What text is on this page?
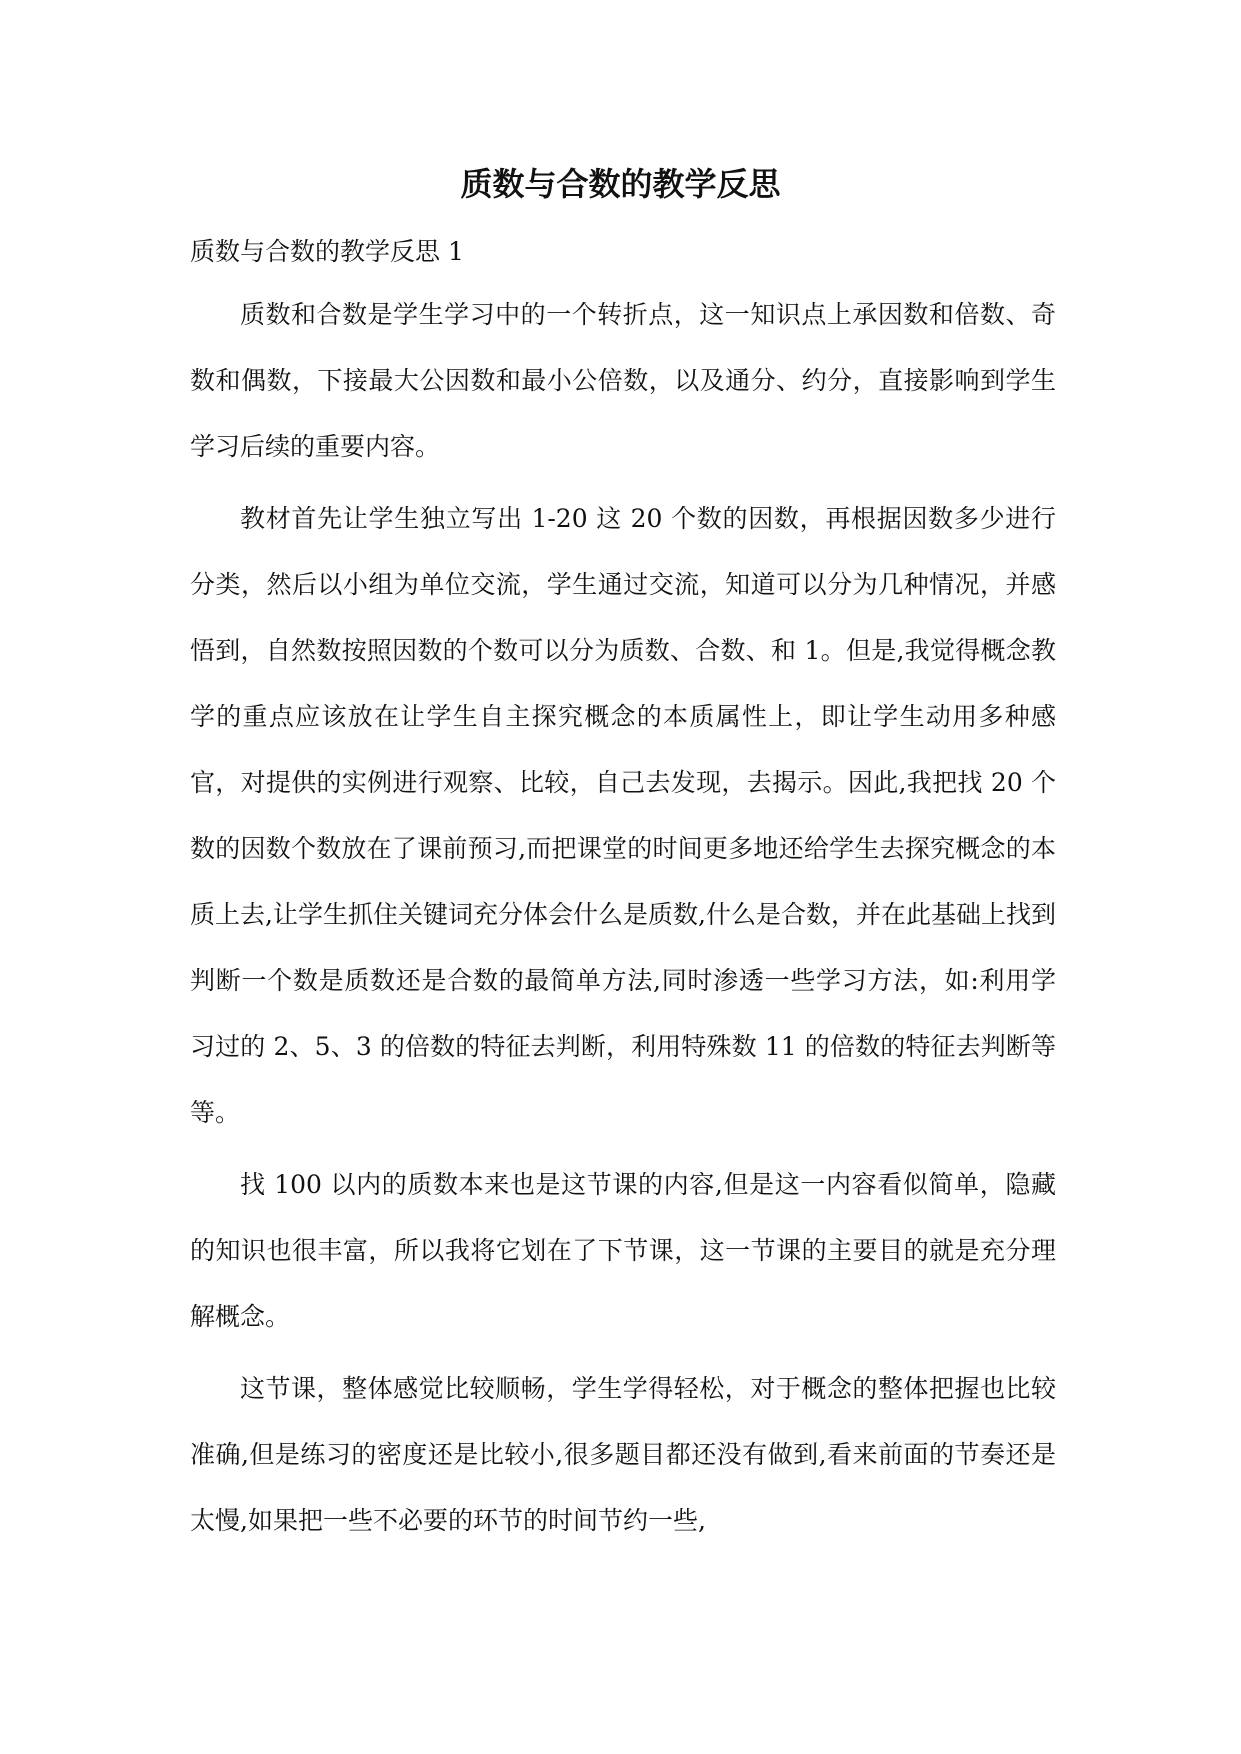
质数与合数的教学反思

质数与合数的教学反思 1

质数和合数是学生学习中的一个转折点，这一知识点上承因数和倍数、奇数和偶数，下接最大公因数和最小公倍数，以及通分、约分，直接影响到学生学习后续的重要内容。

教材首先让学生独立写出 1-20 这 20 个数的因数，再根据因数多少进行分类，然后以小组为单位交流，学生通过交流，知道可以分为几种情况，并感悟到，自然数按照因数的个数可以分为质数、合数、和 1。但是,我觉得概念教学的重点应该放在让学生自主探究概念的本质属性上，即让学生动用多种感官，对提供的实例进行观察、比较，自己去发现，去揭示。因此,我把找 20 个数的因数个数放在了课前预习,而把课堂的时间更多地还给学生去探究概念的本质上去,让学生抓住关键词充分体会什么是质数,什么是合数，并在此基础上找到判断一个数是质数还是合数的最简单方法,同时渗透一些学习方法，如:利用学习过的 2、5、3 的倍数的特征去判断，利用特殊数 11 的倍数的特征去判断等等。

找 100 以内的质数本来也是这节课的内容,但是这一内容看似简单，隐藏的知识也很丰富，所以我将它划在了下节课，这一节课的主要目的就是充分理解概念。

这节课，整体感觉比较顺畅，学生学得轻松，对于概念的整体把握也比较准确,但是练习的密度还是比较小,很多题目都还没有做到,看来前面的节奏还是太慢,如果把一些不必要的环节的时间节约一些,
